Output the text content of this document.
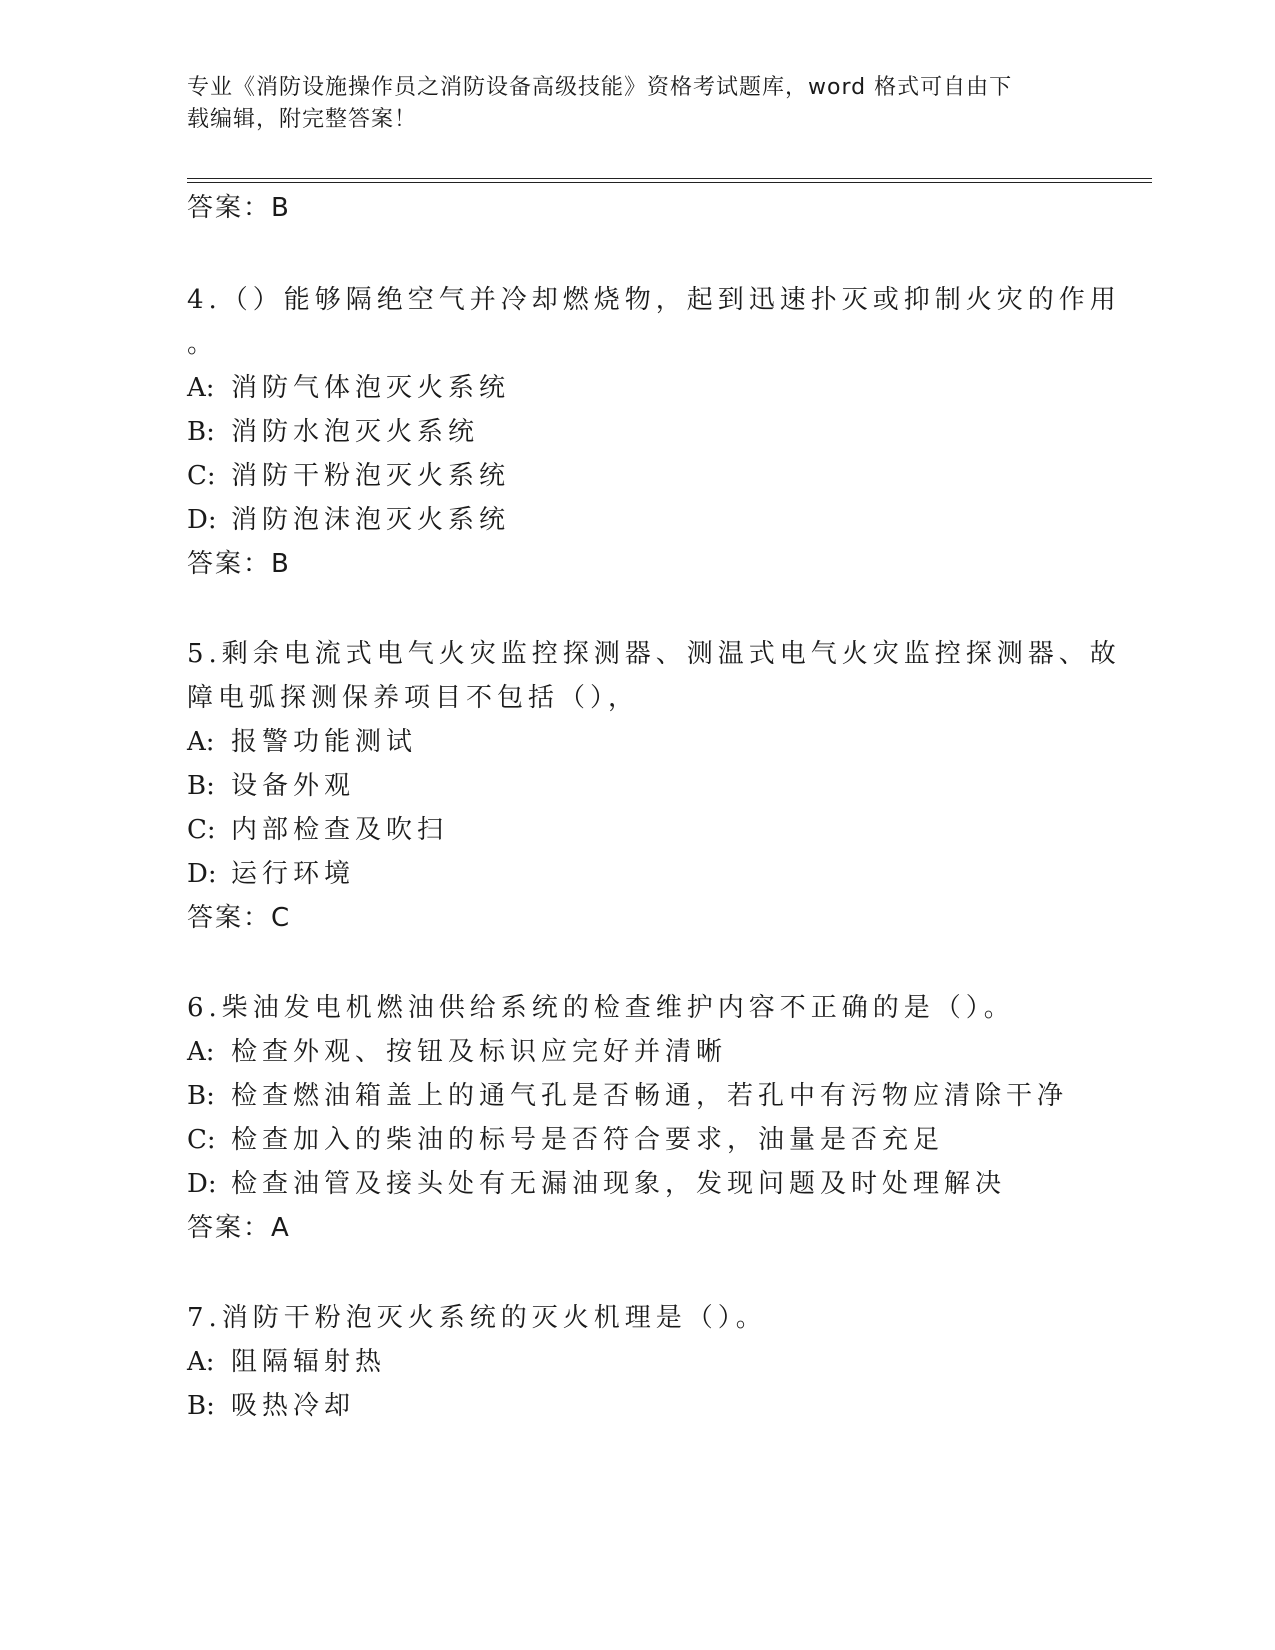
专业《消防设施操作员之消防设备高级技能》资格考试题库，word 格式可自由下
载编辑，附完整答案！
答案：B
4.（）能够隔绝空气并冷却燃烧物，起到迅速扑灭或抑制火灾的作用
。
A: 消防气体泡灭火系统
B: 消防水泡灭火系统
C: 消防干粉泡灭火系统
D: 消防泡沫泡灭火系统
答案：B
5.剩余电流式电气火灾监控探测器、测温式电气火灾监控探测器、故
障电弧探测保养项目不包括（），
A: 报警功能测试
B: 设备外观
C: 内部检查及吹扫
D: 运行环境
答案：C
6.柴油发电机燃油供给系统的检查维护内容不正确的是（）。
A: 检查外观、按钮及标识应完好并清晰
B: 检查燃油箱盖上的通气孔是否畅通，若孔中有污物应清除干净
C: 检查加入的柴油的标号是否符合要求，油量是否充足
D: 检查油管及接头处有无漏油现象，发现问题及时处理解决
答案：A
7.消防干粉泡灭火系统的灭火机理是（）。
A: 阻隔辐射热
B: 吸热冷却
